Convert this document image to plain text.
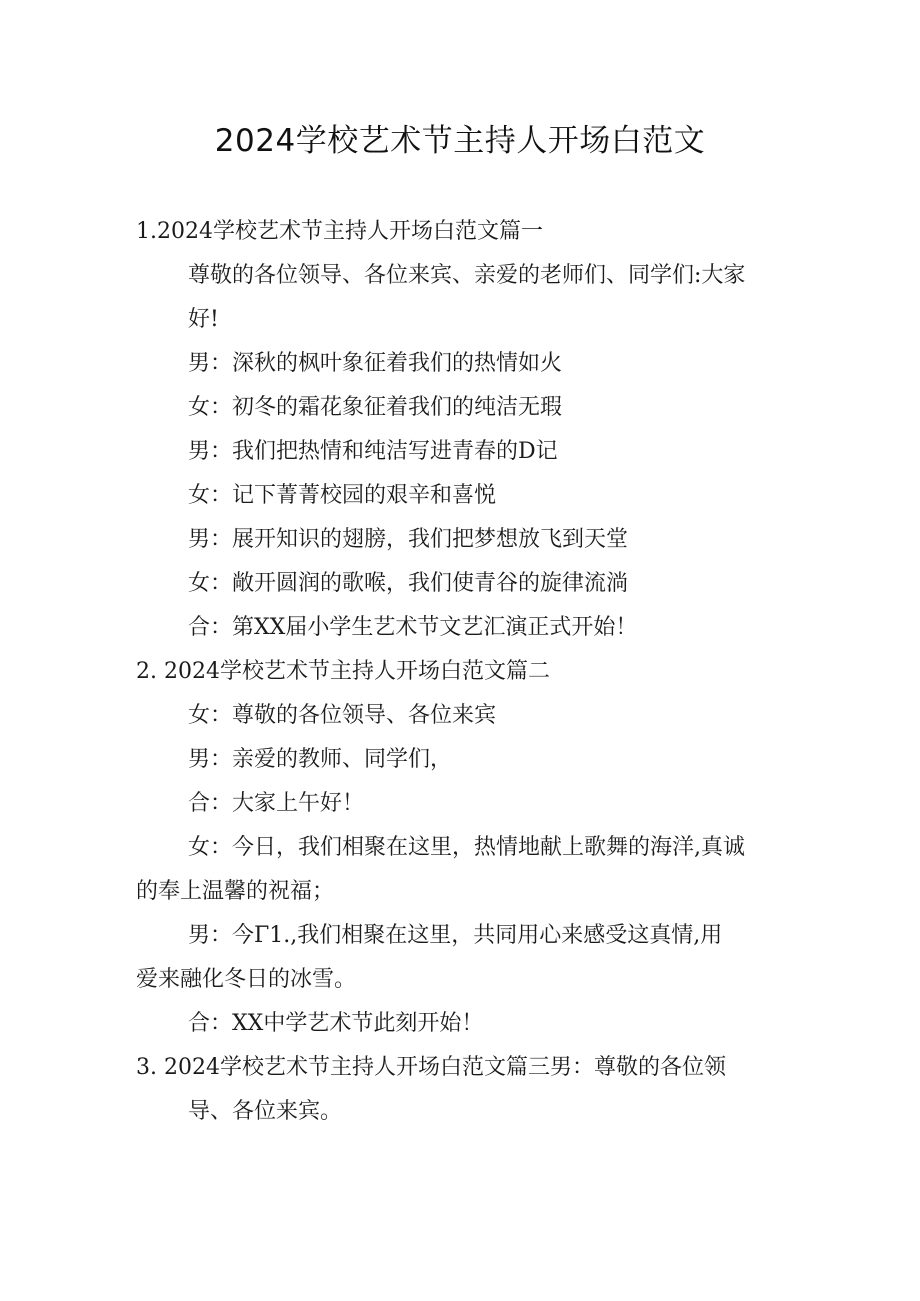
2024学校艺术节主持人开场白范文
1.2024学校艺术节主持人开场白范文篇一
尊敬的各位领导、各位来宾、亲爱的老师们、同学们:大家
好!
男：深秋的枫叶象征着我们的热情如火
女：初冬的霜花象征着我们的纯洁无瑕
男：我们把热情和纯洁写进青春的D记
女：记下菁菁校园的艰辛和喜悦
男：展开知识的翅膀，我们把梦想放飞到天堂
女：敞开圆润的歌喉，我们使青谷的旋律流淌
合：第XX届小学生艺术节文艺汇演正式开始！
2. 2024学校艺术节主持人开场白范文篇二
女：尊敬的各位领导、各位来宾
男：亲爱的教师、同学们，
合：大家上午好！
女：今日，我们相聚在这里，热情地献上歌舞的海洋,真诚
的奉上温馨的祝福；
男：今Γ1.,我们相聚在这里，共同用心来感受这真情,用
爱来融化冬日的冰雪。
合：XX中学艺术节此刻开始！
3. 2024学校艺术节主持人开场白范文篇三男：尊敬的各位领
导、各位来宾。
